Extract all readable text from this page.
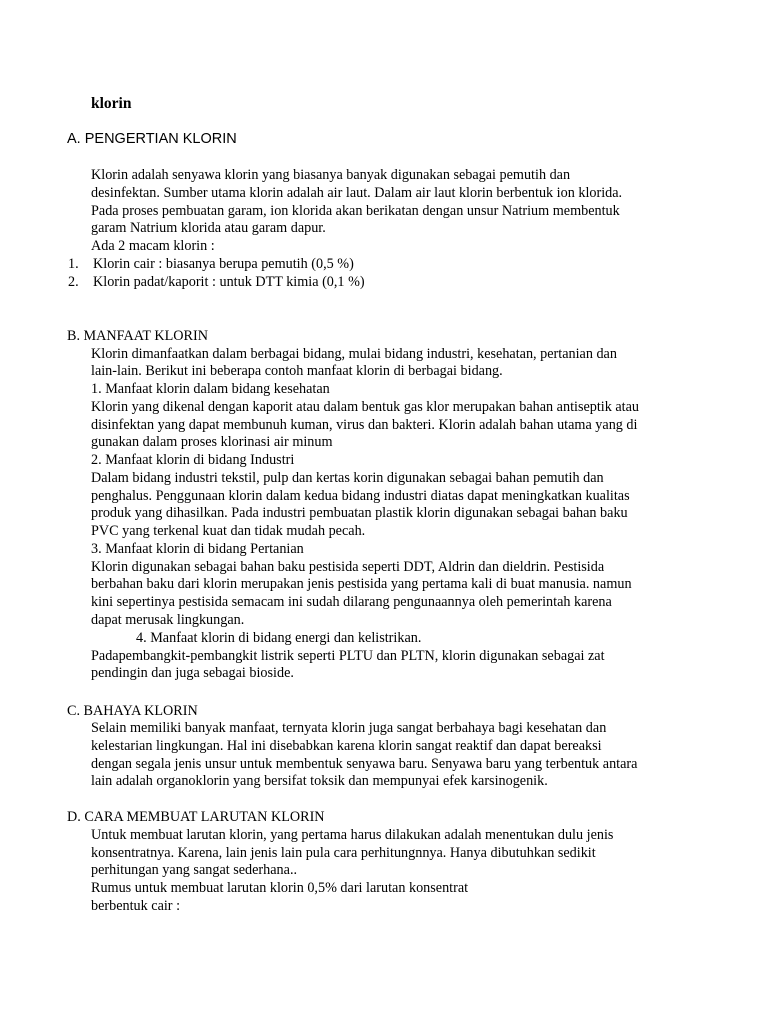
klorin
A. PENGERTIAN KLORIN
Klorin adalah senyawa klorin yang biasanya banyak digunakan sebagai pemutih dan
desinfektan. Sumber utama klorin adalah air laut. Dalam air laut klorin berbentuk ion klorida.
Pada proses pembuatan garam, ion klorida akan berikatan dengan unsur Natrium membentuk
garam Natrium klorida atau garam dapur.
Ada 2 macam klorin :
1. Klorin cair : biasanya berupa pemutih (0,5 %)
2. Klorin padat/kaporit : untuk DTT kimia (0,1 %)
B. MANFAAT KLORIN
Klorin dimanfaatkan dalam berbagai bidang, mulai bidang industri, kesehatan, pertanian dan
lain-lain. Berikut ini beberapa contoh manfaat klorin di berbagai bidang.
1. Manfaat klorin dalam bidang kesehatan
Klorin yang dikenal dengan kaporit atau dalam bentuk gas klor merupakan bahan antiseptik atau
disinfektan yang dapat membunuh kuman, virus dan bakteri. Klorin adalah bahan utama yang di
gunakan dalam proses klorinasi air minum
2. Manfaat klorin di bidang Industri
Dalam bidang industri tekstil, pulp dan kertas korin digunakan sebagai bahan pemutih dan
penghalus. Penggunaan klorin dalam kedua bidang industri diatas dapat meningkatkan kualitas
produk yang dihasilkan. Pada industri pembuatan plastik klorin digunakan sebagai bahan baku
PVC yang terkenal kuat dan tidak mudah pecah.
3. Manfaat klorin di bidang Pertanian
Klorin digunakan sebagai bahan baku pestisida seperti DDT, Aldrin dan dieldrin. Pestisida
berbahan baku dari klorin merupakan jenis pestisida yang pertama kali di buat manusia. namun
kini sepertinya pestisida semacam ini sudah dilarang pengunaannya oleh pemerintah karena
dapat merusak lingkungan.
4. Manfaat klorin di bidang energi dan kelistrikan.
Padapembangkit-pembangkit listrik seperti PLTU dan PLTN, klorin digunakan sebagai zat
pendingin dan juga sebagai bioside.
C. BAHAYA KLORIN
Selain memiliki banyak manfaat, ternyata klorin juga sangat berbahaya bagi kesehatan dan
kelestarian lingkungan. Hal ini disebabkan karena klorin sangat reaktif dan dapat bereaksi
dengan segala jenis unsur untuk membentuk senyawa baru. Senyawa baru yang terbentuk antara
lain adalah organoklorin yang bersifat toksik dan mempunyai efek karsinogenik.
D. CARA MEMBUAT LARUTAN KLORIN
Untuk membuat larutan klorin, yang pertama harus dilakukan adalah menentukan dulu jenis
konsentratnya. Karena, lain jenis lain pula cara perhitungnnya. Hanya dibutuhkan sedikit
perhitungan yang sangat sederhana..
Rumus untuk membuat larutan klorin 0,5% dari larutan konsentrat
berbentuk cair :
